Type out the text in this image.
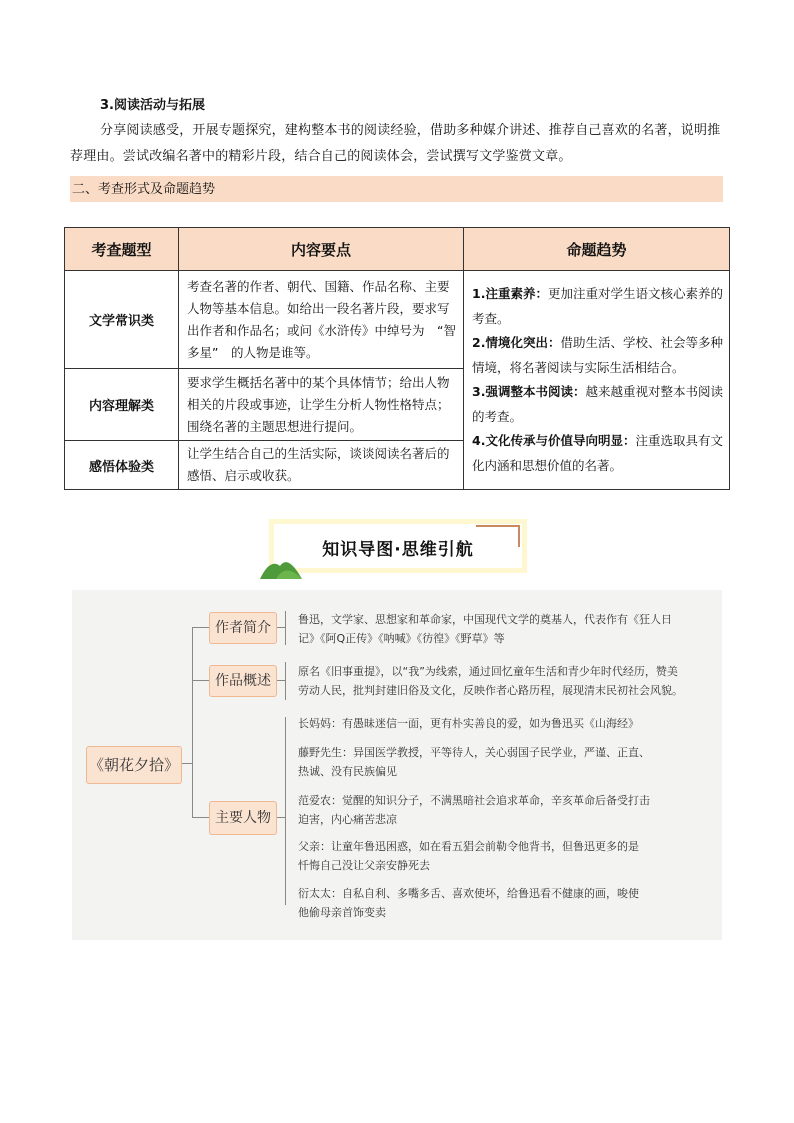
3.阅读活动与拓展
分享阅读感受，开展专题探究，建构整本书的阅读经验，借助多种媒介讲述、推荐自己喜欢的名著，说明推荐理由。尝试改编名著中的精彩片段，结合自己的阅读体会，尝试撰写文学鉴赏文章。
二、考查形式及命题趋势
考查题型	内容要点	命题趋势
文学常识类	考查名著的作者、朝代、国籍、作品名称、主要人物等基本信息。如给出一段名著片段，要求写出作者和作品名；或问《水浒传》中绰号为　“智多星”　的人物是谁等。	1.注重素养：更加注重对学生语文核心素养的考查。
2.情境化突出：借助生活、学校、社会等多种情境，将名著阅读与实际生活相结合。
3.强调整本书阅读：越来越重视对整本书阅读的考查。
4.文化传承与价值导向明显：注重选取具有文化内涵和思想价值的名著。

内容理解类	要求学生概括名著中的某个具体情节；给出人物相关的片段或事迹，让学生分析人物性格特点；围绕名著的主题思想进行提问。	
感悟体验类	让学生结合自己的生活实际，谈谈阅读名著后的感悟、启示或收获。	
知识导图·思维引航
《朝花夕拾》
作者简介
作品概述
主要人物
鲁迅，文学家、思想家和革命家，中国现代文学的奠基人，代表作有《狂人日记》《阿Q正传》《呐喊》《彷徨》《野草》等
原名《旧事重提》，以“我”为线索，通过回忆童年生活和青少年时代经历，赞美劳动人民，批判封建旧俗及文化，反映作者心路历程，展现清末民初社会风貌。
长妈妈：有愚昧迷信一面，更有朴实善良的爱，如为鲁迅买《山海经》
藤野先生：异国医学教授，平等待人，关心弱国子民学业，严谨、正直、热诚、没有民族偏见
范爱农：觉醒的知识分子，不满黑暗社会追求革命，辛亥革命后备受打击迫害，内心痛苦悲凉
父亲：让童年鲁迅困惑，如在看五猖会前勒令他背书，但鲁迅更多的是忏悔自己没让父亲安静死去
衍太太：自私自利、多嘴多舌、喜欢使坏，给鲁迅看不健康的画，唆使他偷母亲首饰变卖
